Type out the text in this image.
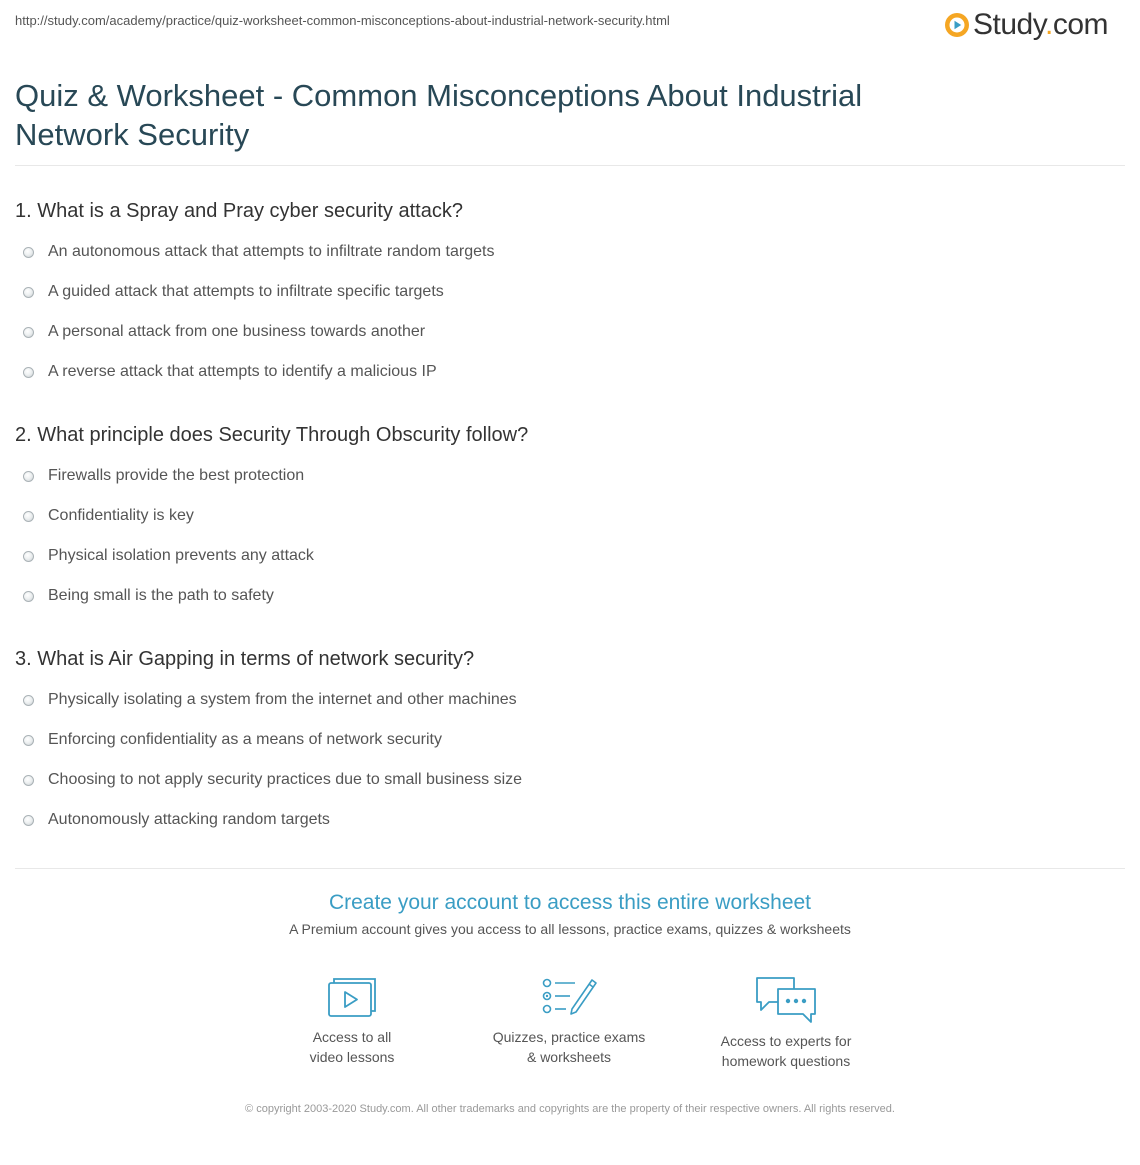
http://study.com/academy/practice/quiz-worksheet-common-misconceptions-about-industrial-network-security.html	Study.com
Quiz & Worksheet - Common Misconceptions About Industrial Network Security
1. What is a Spray and Pray cyber security attack?
An autonomous attack that attempts to infiltrate random targets
A guided attack that attempts to infiltrate specific targets
A personal attack from one business towards another
A reverse attack that attempts to identify a malicious IP
2. What principle does Security Through Obscurity follow?
Firewalls provide the best protection
Confidentiality is key
Physical isolation prevents any attack
Being small is the path to safety
3. What is Air Gapping in terms of network security?
Physically isolating a system from the internet and other machines
Enforcing confidentiality as a means of network security
Choosing to not apply security practices due to small business size
Autonomously attacking random targets
Create your account to access this entire worksheet
A Premium account gives you access to all lessons, practice exams, quizzes & worksheets
Access to all
video lessons
Quizzes, practice exams
& worksheets
Access to experts for
homework questions
© copyright 2003-2020 Study.com. All other trademarks and copyrights are the property of their respective owners. All rights reserved.
